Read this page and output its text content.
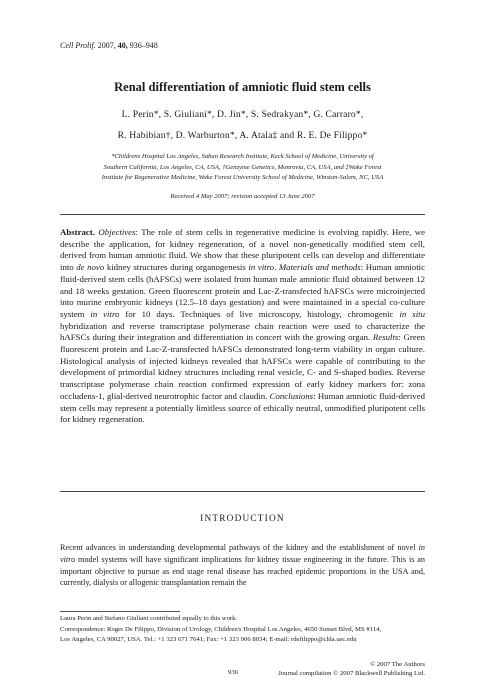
Cell Prolif. 2007, 40, 936–948
Renal differentiation of amniotic fluid stem cells
L. Perin*, S. Giuliani*, D. Jin*, S. Sedrakyan*, G. Carraro*,
R. Habibian†, D. Warburton*, A. Atala‡ and R. E. De Filippo*
*Childrens Hospital Los Angeles, Saban Research Institute, Keck School of Medicine, University of
Southern California, Los Angeles, CA, USA, †Genzyme Genetics, Monrovia, CA, USA, and ‡Wake Forest
Institute for Regenerative Medicine, Wake Forest University School of Medicine, Winston-Salem, NC, USA
Received 4 May 2007; revision accepted 13 June 2007
Abstract. Objectives: The role of stem cells in regenerative medicine is evolving rapidly. Here, we describe the application, for kidney regeneration, of a novel non-genetically modified stem cell, derived from human amniotic fluid. We show that these pluripotent cells can develop and differentiate into de novo kidney structures during organogenesis in vitro. Materials and methods: Human amniotic fluid-derived stem cells (hAFSCs) were isolated from human male amniotic fluid obtained between 12 and 18 weeks gestation. Green fluorescent protein and Lac-Z-transfected hAFSCs were microinjected into murine embryonic kidneys (12.5–18 days gestation) and were maintained in a special co-culture system in vitro for 10 days. Techniques of live microscopy, histology, chromogenic in situ hybridization and reverse transcriptase polymerase chain reaction were used to characterize the hAFSCs during their integration and differentiation in concert with the growing organ. Results: Green fluorescent protein and Lac-Z-transfected hAFSCs demonstrated long-term viability in organ culture. Histological analysis of injected kidneys revealed that hAFSCs were capable of contributing to the development of primordial kidney structures including renal vesicle, C- and S-shaped bodies. Reverse transcriptase polymerase chain reaction confirmed expression of early kidney markers for: zona occludens-1, glial-derived neurotrophic factor and claudin. Conclusions: Human amniotic fluid-derived stem cells may represent a potentially limitless source of ethically neutral, unmodified pluripotent cells for kidney regeneration.
INTRODUCTION
Recent advances in understanding developmental pathways of the kidney and the establishment of novel in vitro model systems will have significant implications for kidney tissue engineering in the future. This is an important objective to pursue as end stage renal disease has reached epidemic proportions in the USA and, currently, dialysis or allogenic transplantation remain the
Laura Perin and Stefano Giuliani contributed equally to this work.
Correspondence: Roger De Filippo, Division of Urology, Children's Hospital Los Angeles, 4650 Sunset Blvd, MS #114,
Los Angeles, CA 90027, USA. Tel.: +1 323 671 7641; Fax: +1 323 906 8034; E-mail: rdefilippo@chla.usc.edu
© 2007 The Authors
Journal compilation © 2007 Blackwell Publishing Ltd.
936
